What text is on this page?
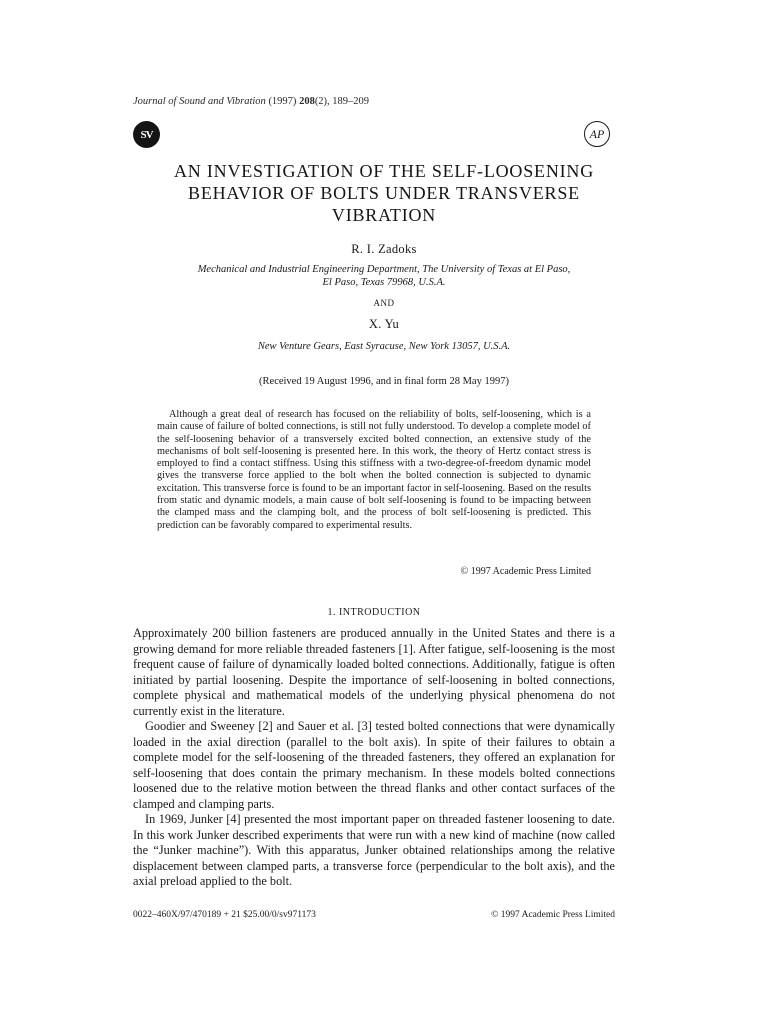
Journal of Sound and Vibration (1997) 208(2), 189–209
SV	AP
AN INVESTIGATION OF THE SELF-LOOSENING
BEHAVIOR OF BOLTS UNDER TRANSVERSE
VIBRATION
R. I. Zadoks
Mechanical and Industrial Engineering Department, The University of Texas at El Paso,
El Paso, Texas 79968, U.S.A.
AND
X. Yu
New Venture Gears, East Syracuse, New York 13057, U.S.A.
(Received 19 August 1996, and in final form 28 May 1997)
Although a great deal of research has focused on the reliability of bolts, self-loosening, which is a main cause of failure of bolted connections, is still not fully understood. To develop a complete model of the self-loosening behavior of a transversely excited bolted connection, an extensive study of the mechanisms of bolt self-loosening is presented here. In this work, the theory of Hertz contact stress is employed to find a contact stiffness. Using this stiffness with a two-degree-of-freedom dynamic model gives the transverse force applied to the bolt when the bolted connection is subjected to dynamic excitation. This transverse force is found to be an important factor in self-loosening. Based on the results from static and dynamic models, a main cause of bolt self-loosening is found to be impacting between the clamped mass and the clamping bolt, and the process of bolt self-loosening is predicted. This prediction can be favorably compared to experimental results.
© 1997 Academic Press Limited
1. INTRODUCTION

Approximately 200 billion fasteners are produced annually in the United States and there is a growing demand for more reliable threaded fasteners [1]. After fatigue, self-loosening is the most frequent cause of failure of dynamically loaded bolted connections. Additionally, fatigue is often initiated by partial loosening. Despite the importance of self-loosening in bolted connections, complete physical and mathematical models of the underlying physical phenomena do not currently exist in the literature.

Goodier and Sweeney [2] and Sauer et al. [3] tested bolted connections that were dynamically loaded in the axial direction (parallel to the bolt axis). In spite of their failures to obtain a complete model for the self-loosening of the threaded fasteners, they offered an explanation for self-loosening that does contain the primary mechanism. In these models bolted connections loosened due to the relative motion between the thread flanks and other contact surfaces of the clamped and clamping parts.

In 1969, Junker [4] presented the most important paper on threaded fastener loosening to date. In this work Junker described experiments that were run with a new kind of machine (now called the “Junker machine”). With this apparatus, Junker obtained relationships among the relative displacement between clamped parts, a transverse force (perpendicular to the bolt axis), and the axial preload applied to the bolt.

0022–460X/97/470189 + 21 $25.00/0/sv971173	© 1997 Academic Press Limited
